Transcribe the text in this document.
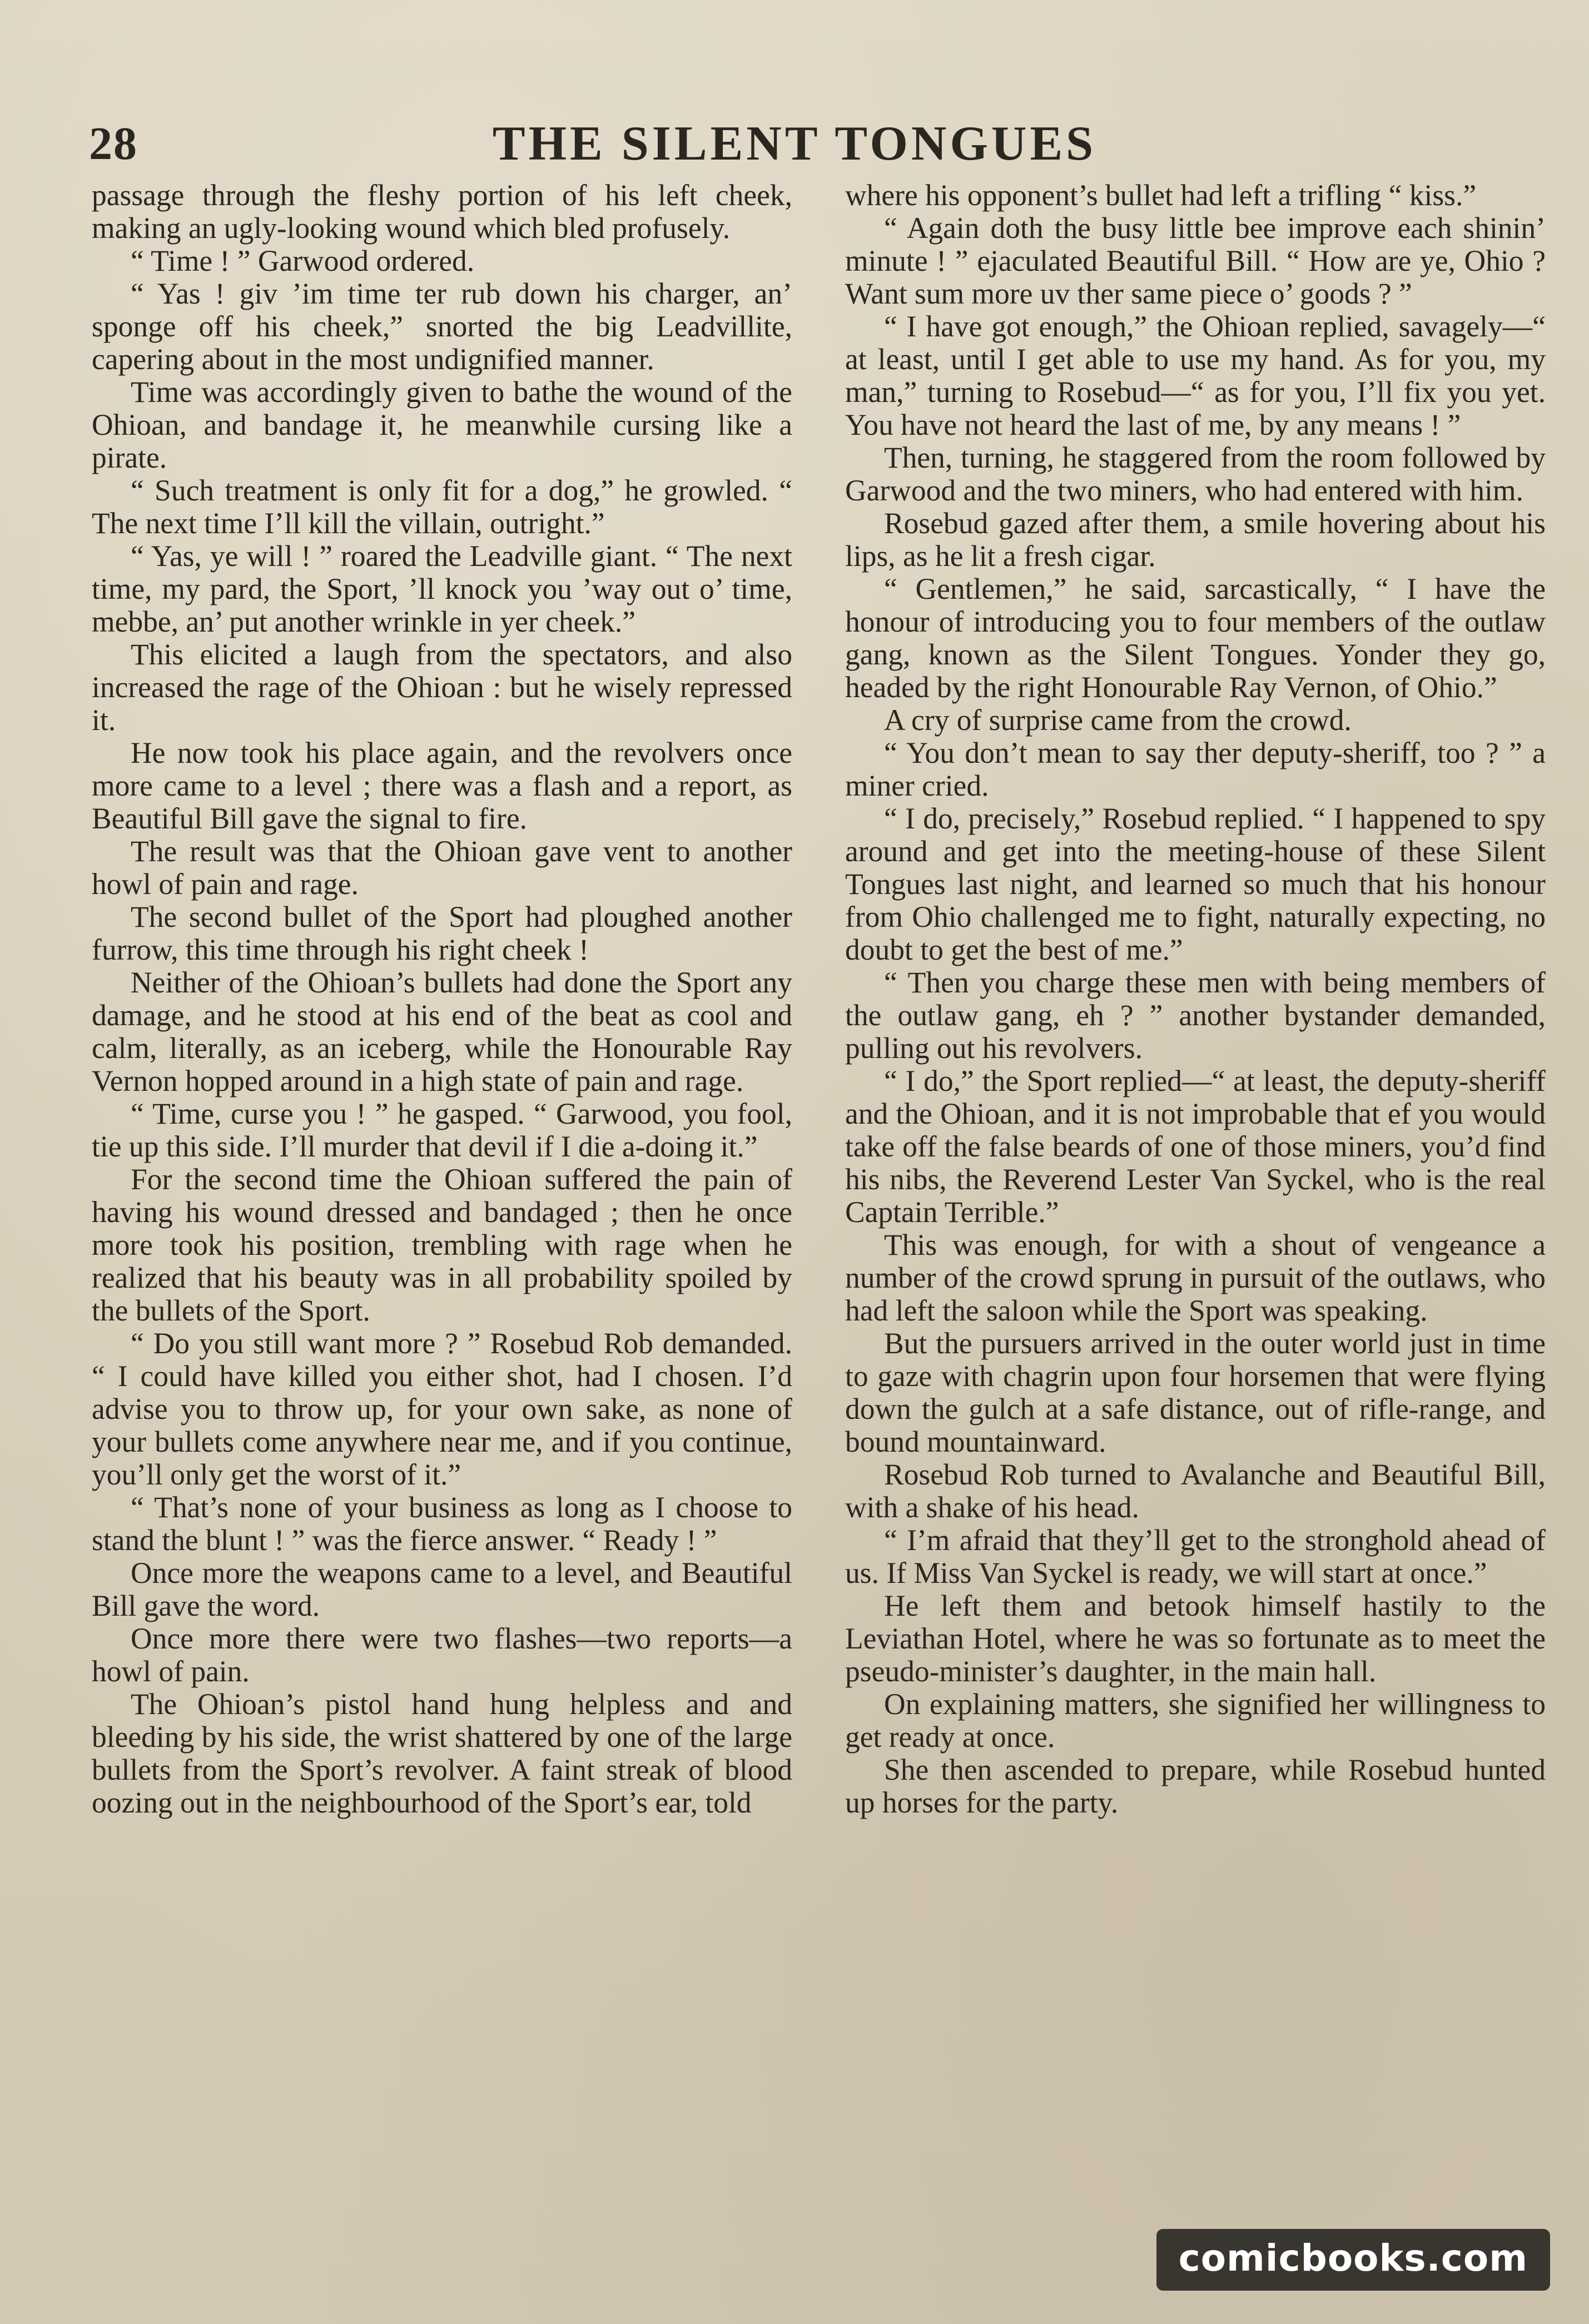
28	THE SILENT TONGUES

passage through the fleshy portion of his left cheek, making an ugly-looking wound which bled profusely.

“ Time ! ” Garwood ordered.

“ Yas ! giv ’im time ter rub down his charger, an’ sponge off his cheek,” snorted the big Leadvillite, capering about in the most undignified manner.

Time was accordingly given to bathe the wound of the Ohioan, and bandage it, he meanwhile cursing like a pirate.

“ Such treatment is only fit for a dog,” he growled. “ The next time I’ll kill the villain, outright.”

“ Yas, ye will ! ” roared the Leadville giant. “ The next time, my pard, the Sport, ’ll knock you ’way out o’ time, mebbe, an’ put another wrinkle in yer cheek.”

This elicited a laugh from the spectators, and also increased the rage of the Ohioan : but he wisely repressed it.

He now took his place again, and the revolvers once more came to a level ; there was a flash and a report, as Beautiful Bill gave the signal to fire.

The result was that the Ohioan gave vent to another howl of pain and rage.

The second bullet of the Sport had ploughed another furrow, this time through his right cheek !

Neither of the Ohioan’s bullets had done the Sport any damage, and he stood at his end of the beat as cool and calm, literally, as an iceberg, while the Honourable Ray Vernon hopped around in a high state of pain and rage.

“ Time, curse you ! ” he gasped. “ Garwood, you fool, tie up this side. I’ll murder that devil if I die a-doing it.”

For the second time the Ohioan suffered the pain of having his wound dressed and bandaged ; then he once more took his position, trembling with rage when he realized that his beauty was in all probability spoiled by the bullets of the Sport.

“ Do you still want more ? ” Rosebud Rob demanded. “ I could have killed you either shot, had I chosen. I’d advise you to throw up, for your own sake, as none of your bullets come anywhere near me, and if you continue, you’ll only get the worst of it.”

“ That’s none of your business as long as I choose to stand the blunt ! ” was the fierce answer. “ Ready ! ”

Once more the weapons came to a level, and Beautiful Bill gave the word.

Once more there were two flashes—two reports—a howl of pain.

The Ohioan’s pistol hand hung helpless and and bleeding by his side, the wrist shattered by one of the large bullets from the Sport’s revolver. A faint streak of blood oozing out in the neighbourhood of the Sport’s ear, told

where his opponent’s bullet had left a trifling “ kiss.”

“ Again doth the busy little bee improve each shinin’ minute ! ” ejaculated Beautiful Bill. “ How are ye, Ohio ? Want sum more uv ther same piece o’ goods ? ”

“ I have got enough,” the Ohioan replied, savagely—“ at least, until I get able to use my hand. As for you, my man,” turning to Rosebud—“ as for you, I’ll fix you yet. You have not heard the last of me, by any means ! ”

Then, turning, he staggered from the room followed by Garwood and the two miners, who had entered with him.

Rosebud gazed after them, a smile hovering about his lips, as he lit a fresh cigar.

“ Gentlemen,” he said, sarcastically, “ I have the honour of introducing you to four members of the outlaw gang, known as the Silent Tongues. Yonder they go, headed by the right Honourable Ray Vernon, of Ohio.”

A cry of surprise came from the crowd.

“ You don’t mean to say ther deputy-sheriff, too ? ” a miner cried.

“ I do, precisely,” Rosebud replied. “ I happened to spy around and get into the meeting-house of these Silent Tongues last night, and learned so much that his honour from Ohio challenged me to fight, naturally expecting, no doubt to get the best of me.”

“ Then you charge these men with being members of the outlaw gang, eh ? ” another bystander demanded, pulling out his revolvers.

“ I do,” the Sport replied—“ at least, the deputy-sheriff and the Ohioan, and it is not improbable that ef you would take off the false beards of one of those miners, you’d find his nibs, the Reverend Lester Van Syckel, who is the real Captain Terrible.”

This was enough, for with a shout of vengeance a number of the crowd sprung in pursuit of the outlaws, who had left the saloon while the Sport was speaking.

But the pursuers arrived in the outer world just in time to gaze with chagrin upon four horsemen that were flying down the gulch at a safe distance, out of rifle-range, and bound mountainward.

Rosebud Rob turned to Avalanche and Beautiful Bill, with a shake of his head.

“ I’m afraid that they’ll get to the stronghold ahead of us. If Miss Van Syckel is ready, we will start at once.”

He left them and betook himself hastily to the Leviathan Hotel, where he was so fortunate as to meet the pseudo-minister’s daughter, in the main hall.

On explaining matters, she signified her willingness to get ready at once.

She then ascended to prepare, while Rosebud hunted up horses for the party.

comicbooks.com
